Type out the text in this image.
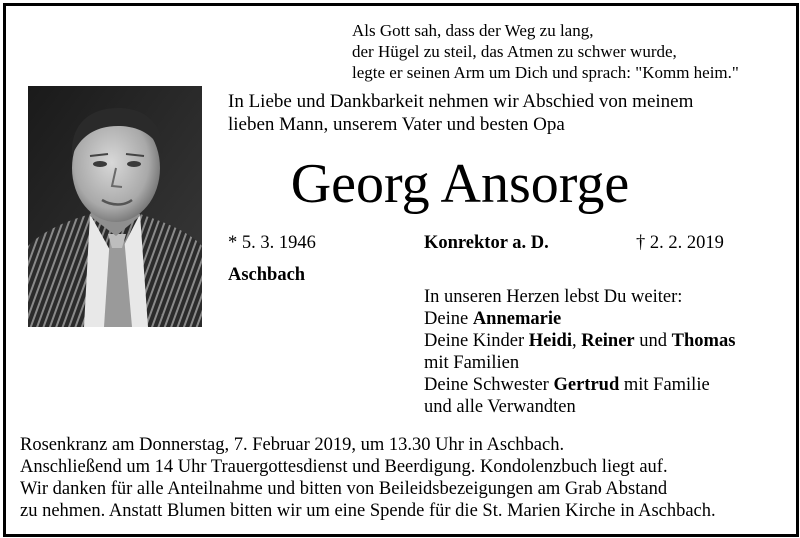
Als Gott sah, dass der Weg zu lang,
der Hügel zu steil, das Atmen zu schwer wurde,
legte er seinen Arm um Dich und sprach: "Komm heim."
In Liebe und Dankbarkeit nehmen wir Abschied von meinem
lieben Mann, unserem Vater und besten Opa
Georg Ansorge
* 5. 3. 1946	Konrektor a. D.	† 2. 2. 2019
Aschbach
In unseren Herzen lebst Du weiter:
Deine Annemarie
Deine Kinder Heidi, Reiner und Thomas
mit Familien
Deine Schwester Gertrud mit Familie
und alle Verwandten
Rosenkranz am Donnerstag, 7. Februar 2019, um 13.30 Uhr in Aschbach.
Anschließend um 14 Uhr Trauergottesdienst und Beerdigung. Kondolenzbuch liegt auf.
Wir danken für alle Anteilnahme und bitten von Beileidsbezeigungen am Grab Abstand
zu nehmen. Anstatt Blumen bitten wir um eine Spende für die St. Marien Kirche in Aschbach.
